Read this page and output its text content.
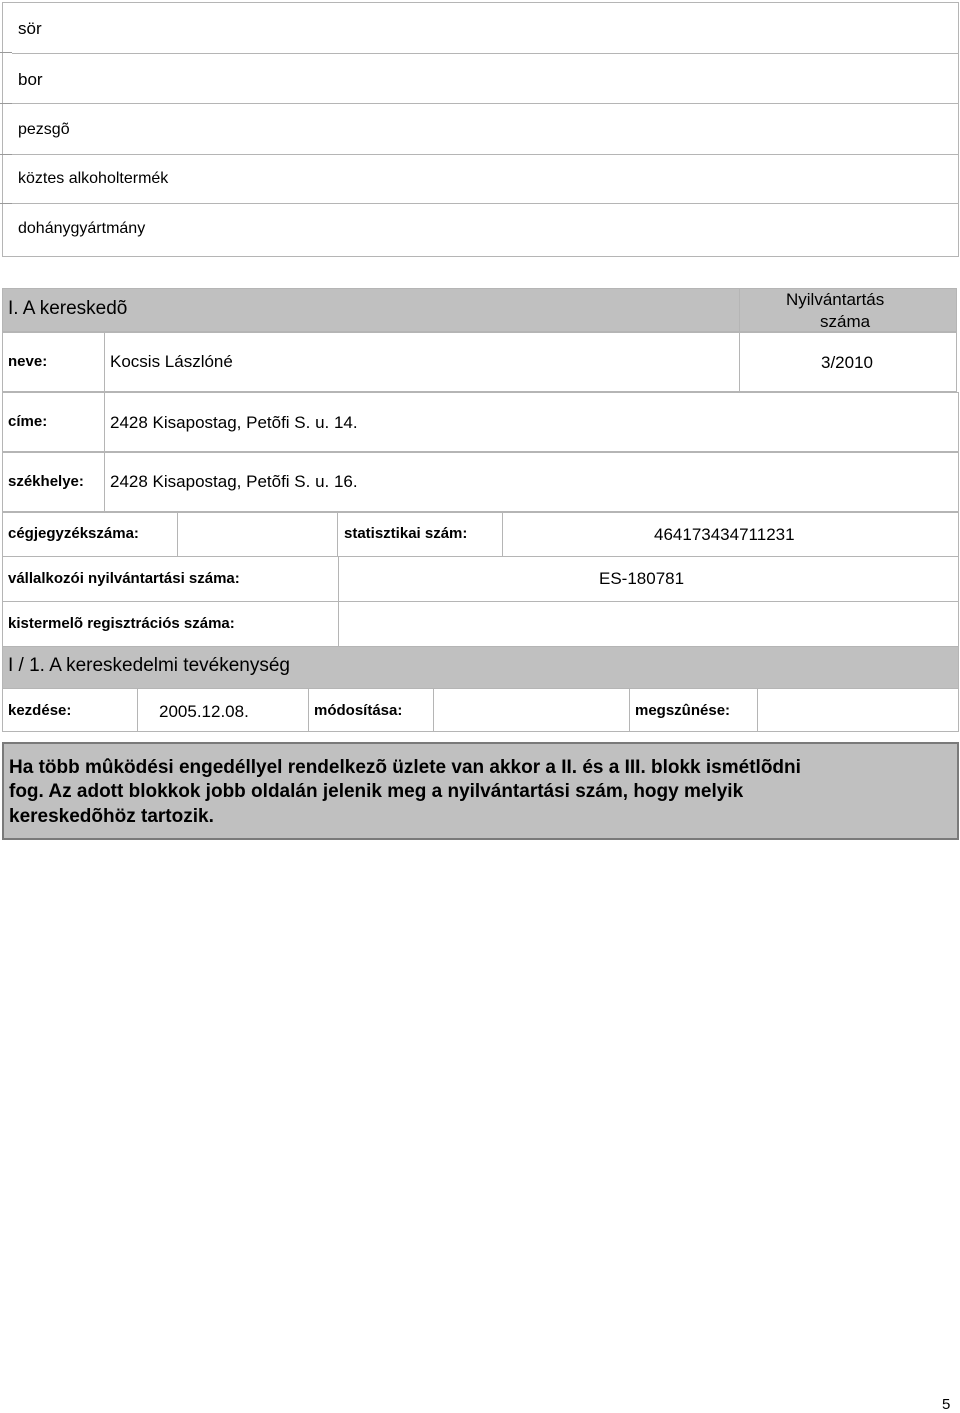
sör
bor
pezsgõ
köztes alkoholtermék
dohánygyártmány
I. A kereskedõ	Nyilvántartás
száma
neve:	Kocsis Lászlóné	3/2010
címe:	2428 Kisapostag, Petõfi S. u. 14.
székhelye: 2428 Kisapostag, Petõfi S. u. 16.
cégjegyzékszáma:	statisztikai szám:	464173434711231
vállalkozói nyilvántartási száma:	ES-180781
kistermelõ regisztrációs száma:
I / 1. A kereskedelmi tevékenység
kezdése:	2005.12.08.	módosítása:	megszûnése:
Ha több mûködési engedéllyel rendelkezõ üzlete van akkor a II. és a III. blokk ismétlõdni
fog. Az adott blokkok jobb oldalán jelenik meg a nyilvántartási szám, hogy melyik
kereskedõhöz tartozik.
5
